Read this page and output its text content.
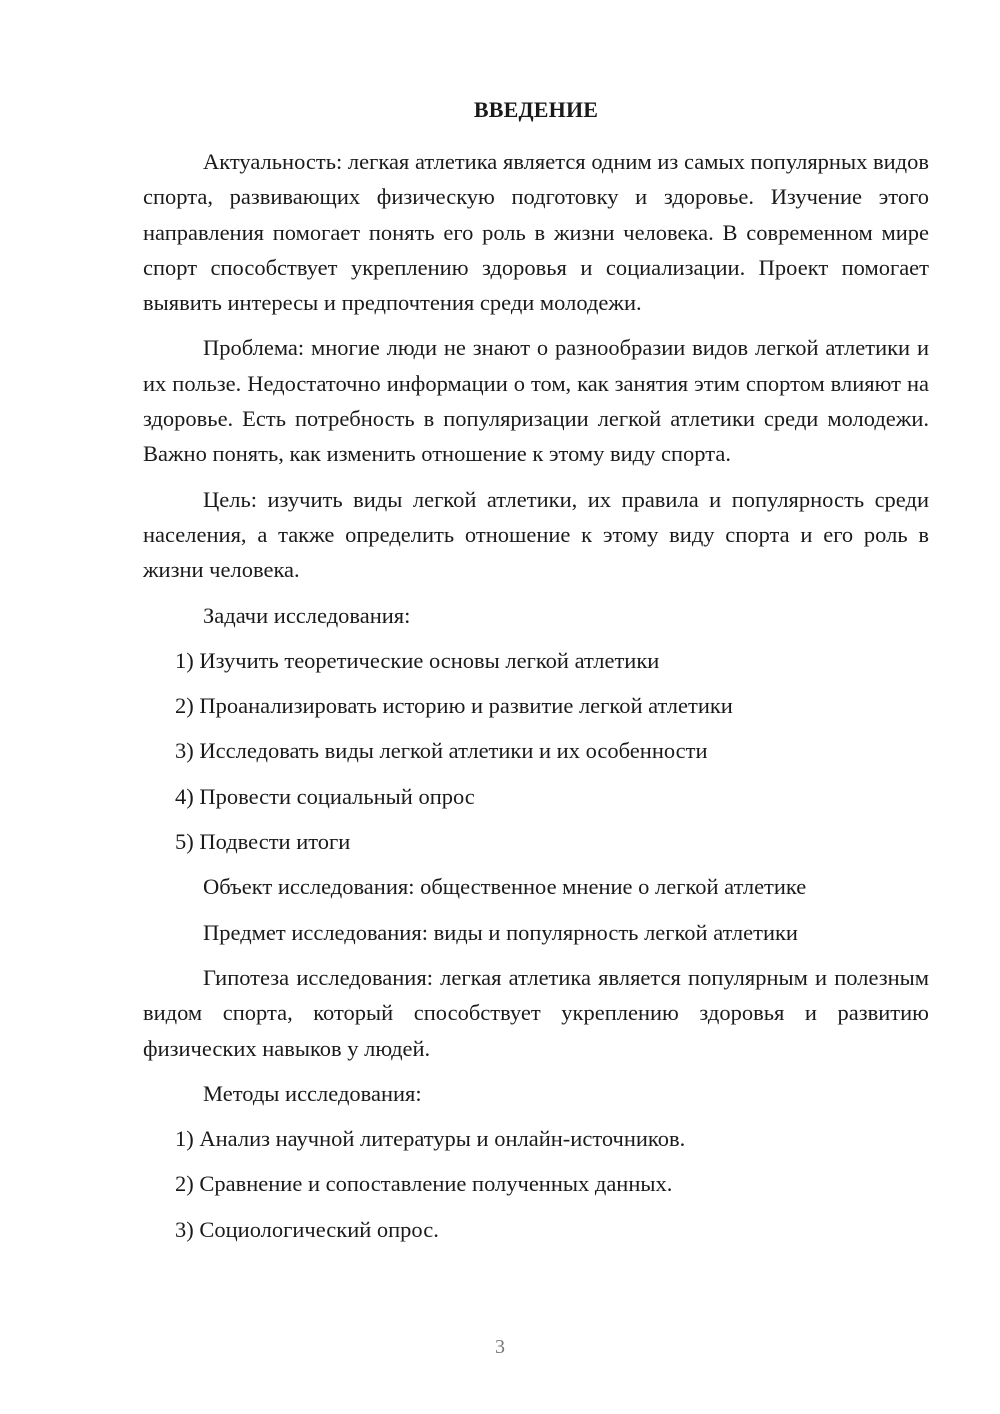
ВВЕДЕНИЕ

Актуальность: легкая атлетика является одним из самых популярных видов спорта, развивающих физическую подготовку и здоровье. Изучение этого направления помогает понять его роль в жизни человека. В современном мире спорт способствует укреплению здоровья и социализации. Проект помогает выявить интересы и предпочтения среди молодежи.

Проблема: многие люди не знают о разнообразии видов легкой атлетики и их пользе. Недостаточно информации о том, как занятия этим спортом влияют на здоровье. Есть потребность в популяризации легкой атлетики среди молодежи. Важно понять, как изменить отношение к этому виду спорта.

Цель: изучить виды легкой атлетики, их правила и популярность среди населения, а также определить отношение к этому виду спорта и его роль в жизни человека.

Задачи исследования:

1) Изучить теоретические основы легкой атлетики
2) Проанализировать историю и развитие легкой атлетики
3) Исследовать виды легкой атлетики и их особенности
4) Провести социальный опрос
5) Подвести итоги

Объект исследования: общественное мнение о легкой атлетике

Предмет исследования: виды и популярность легкой атлетики

Гипотеза исследования: легкая атлетика является популярным и полезным видом спорта, который способствует укреплению здоровья и развитию физических навыков у людей.

Методы исследования:

1) Анализ научной литературы и онлайн-источников.
2) Сравнение и сопоставление полученных данных.
3) Социологический опрос.
3
